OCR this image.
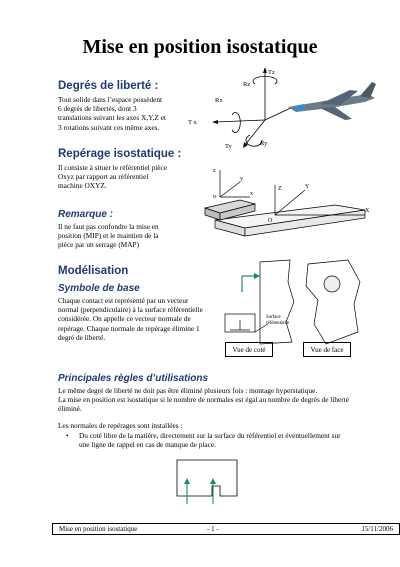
Mise en position isostatique
Degrés de liberté :
Tout solide dans l’espace possèdent
6 degrés de libertés, dont 3
translations suivant les axes X,Y,Z et
3 rotations suivant ces même axes.
Tz
Rz
Rx
T x
Ty	Ry
Repérage isostatique :
Il consiste à situer le référentiel pièce
Oxyz par rapport au référentiel
machine OXYZ.
z
y
o	x
Z	Y
O
X
Remarque :
Il ne faut pas confondre la mise en
position (MIP) et le maintien de la
pièce par un serrage (MAP)
Modélisation
Symbole de base
Chaque contact est représenté par un vecteur
normal (perpendiculaire) à la surface référentielle
considérée. On appelle ce vecteur normale de
repérage. Chaque normale de repérage élimine 1
degré de liberté.
Surface
référentielle
Vue de coté	Vue de face
Principales règles d’utilisations
Le même degré de liberté ne doit pas être éliminé plusieurs fois : montage hyperstatique.
La mise en position est isostatique si le nombre de normales est égal au nombre de degrés de liberté
éliminé.
Les normales de repérages sont installées :
• Du coté libre de la matière, directement sur la surface du référentiel et éventuellement sur
une ligne de rappel en cas de manque de place.
Mise en position isostatique	- 1 -	15/11/2006
